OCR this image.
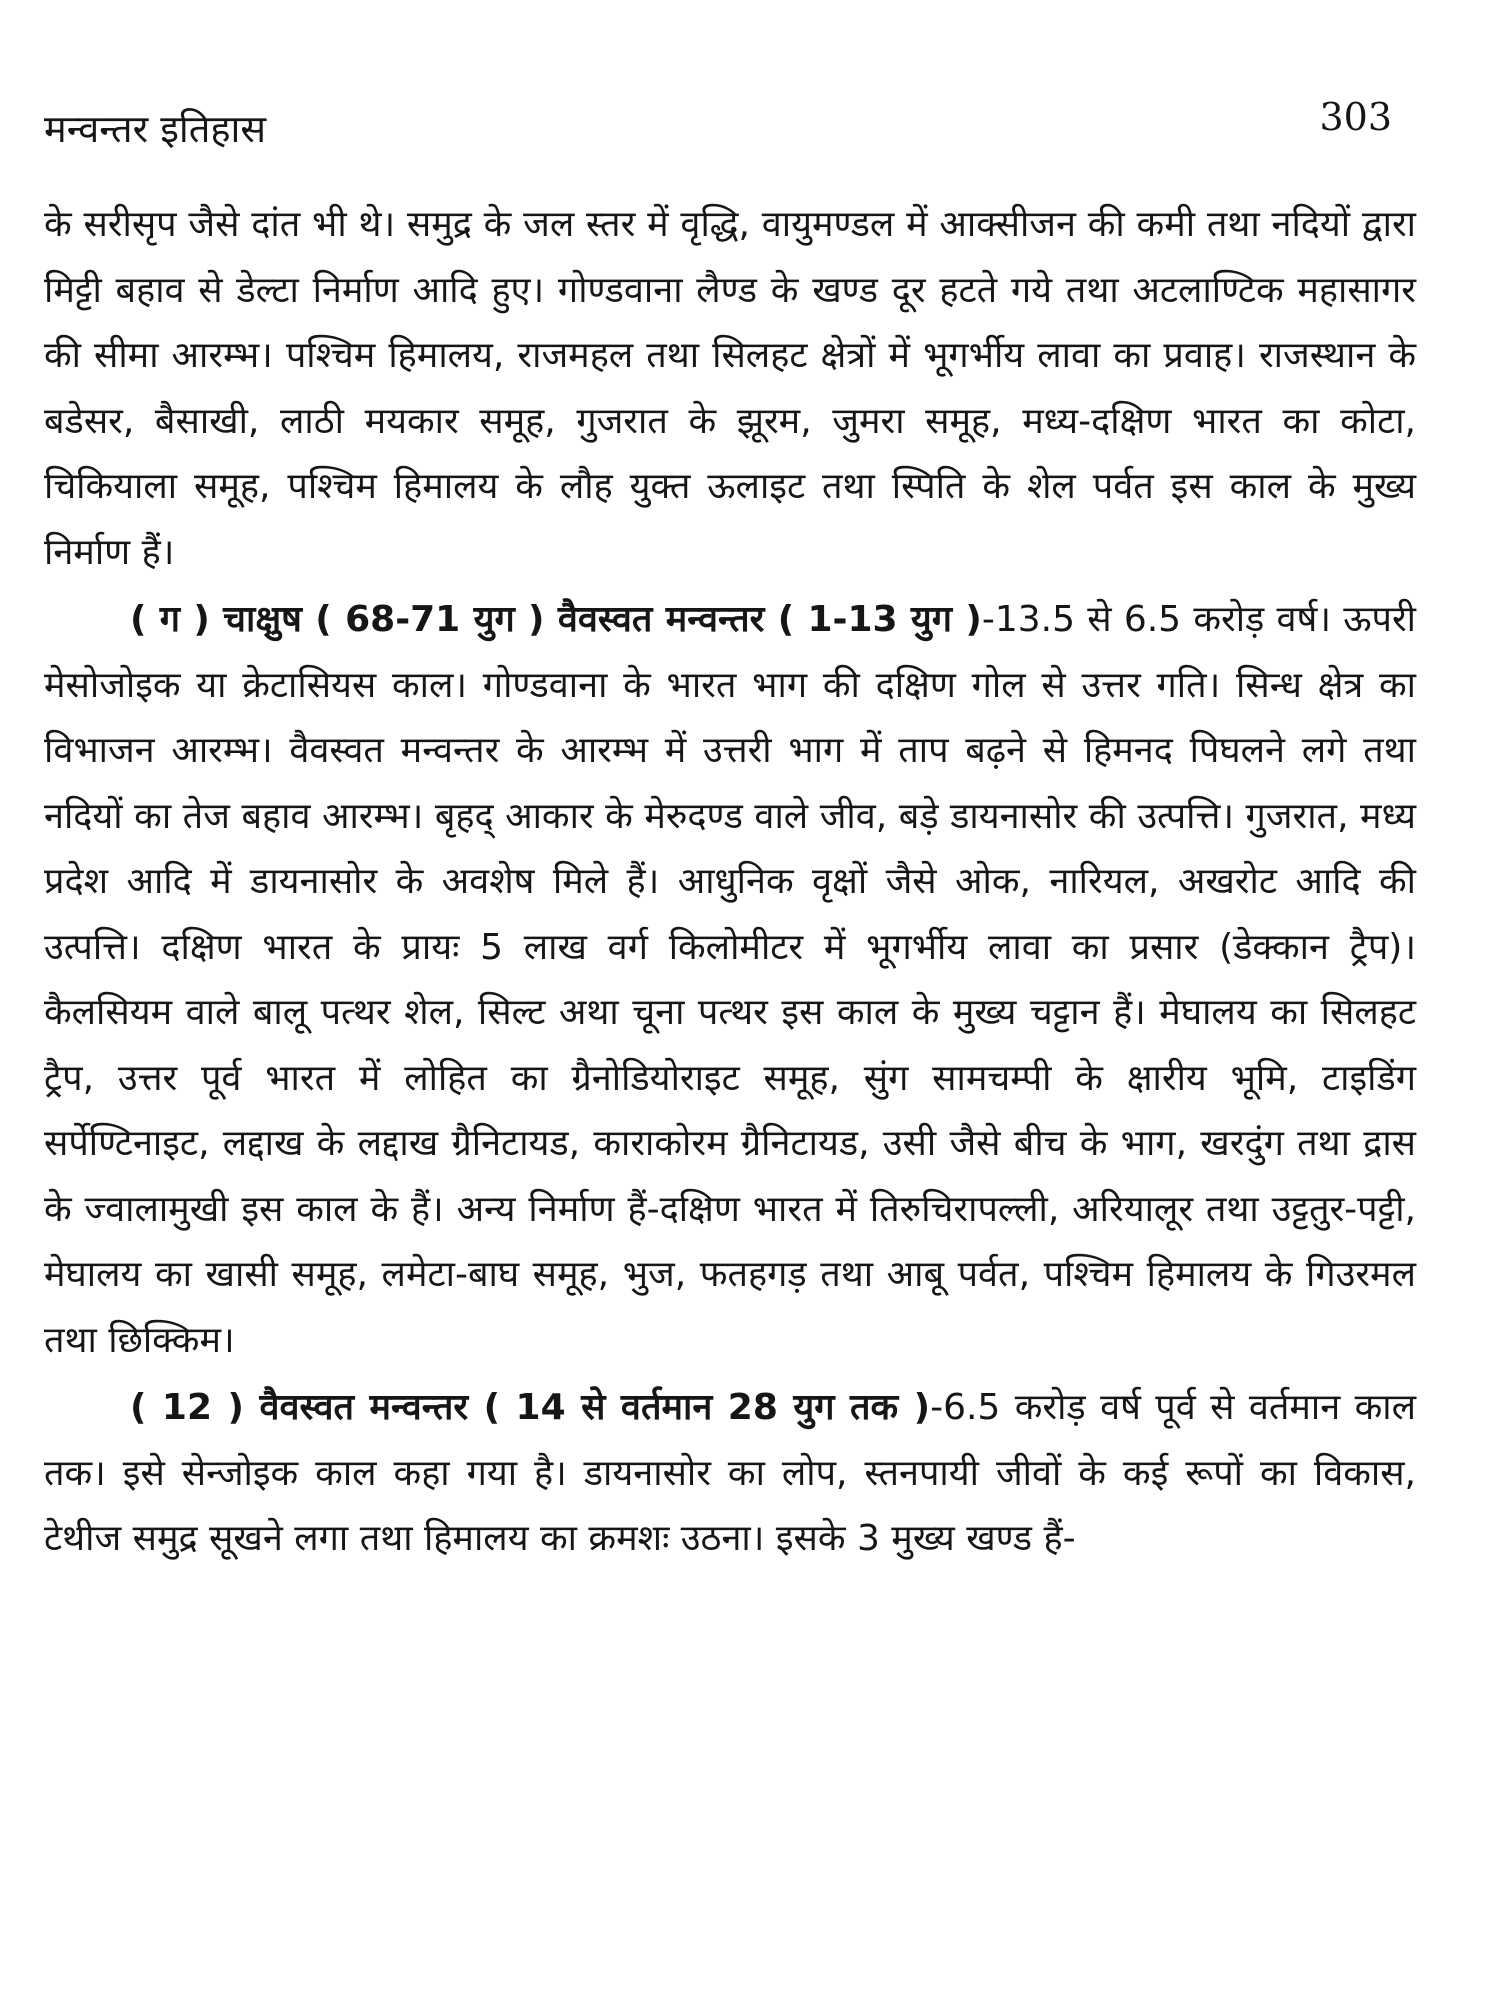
मन्वन्तर इतिहास	303

के सरीसृप जैसे दांत भी थे। समुद्र के जल स्तर में वृद्धि, वायुमण्डल में आक्सीजन की कमी तथा नदियों द्वारा मिट्टी बहाव से डेल्टा निर्माण आदि हुए। गोण्डवाना लैण्ड के खण्ड दूर हटते गये तथा अटलाण्टिक महासागर की सीमा आरम्भ। पश्चिम हिमालय, राजमहल तथा सिलहट क्षेत्रों में भूगर्भीय लावा का प्रवाह। राजस्थान के बडेसर, बैसाखी, लाठी मयकार समूह, गुजरात के झूरम, जुमरा समूह, मध्य-दक्षिण भारत का कोटा, चिकियाला समूह, पश्चिम हिमालय के लौह युक्त ऊलाइट तथा स्पिति के शेल पर्वत इस काल के मुख्य निर्माण हैं।

( ग ) चाक्षुष ( 68-71 युग ) वैवस्वत मन्वन्तर ( 1-13 युग )-13.5 से 6.5 करोड़ वर्ष। ऊपरी मेसोजोइक या क्रेटासियस काल। गोण्डवाना के भारत भाग की दक्षिण गोल से उत्तर गति। सिन्ध क्षेत्र का विभाजन आरम्भ। वैवस्वत मन्वन्तर के आरम्भ में उत्तरी भाग में ताप बढ़ने से हिमनद पिघलने लगे तथा नदियों का तेज बहाव आरम्भ। बृहद् आकार के मेरुदण्ड वाले जीव, बड़े डायनासोर की उत्पत्ति। गुजरात, मध्य प्रदेश आदि में डायनासोर के अवशेष मिले हैं। आधुनिक वृक्षों जैसे ओक, नारियल, अखरोट आदि की उत्पत्ति। दक्षिण भारत के प्रायः 5 लाख वर्ग किलोमीटर में भूगर्भीय लावा का प्रसार (डेक्कान ट्रैप)। कैलसियम वाले बालू पत्थर शेल, सिल्ट अथा चूना पत्थर इस काल के मुख्य चट्टान हैं। मेघालय का सिलहट ट्रैप, उत्तर पूर्व भारत में लोहित का ग्रैनोडियोराइट समूह, सुंग सामचम्पी के क्षारीय भूमि, टाइडिंग सर्पेण्टिनाइट, लद्दाख के लद्दाख ग्रैनिटायड, काराकोरम ग्रैनिटायड, उसी जैसे बीच के भाग, खरदुंग तथा द्रास के ज्वालामुखी इस काल के हैं। अन्य निर्माण हैं-दक्षिण भारत में तिरुचिरापल्ली, अरियालूर तथा उट्टतुर-पट्टी, मेघालय का खासी समूह, लमेटा-बाघ समूह, भुज, फतहगड़ तथा आबू पर्वत, पश्चिम हिमालय के गिउरमल तथा छिक्किम।

( 12 ) वैवस्वत मन्वन्तर ( 14 से वर्तमान 28 युग तक )-6.5 करोड़ वर्ष पूर्व से वर्तमान काल तक। इसे सेन्जोइक काल कहा गया है। डायनासोर का लोप, स्तनपायी जीवों के कई रूपों का विकास, टेथीज समुद्र सूखने लगा तथा हिमालय का क्रमशः उठना। इसके 3 मुख्य खण्ड हैं-
